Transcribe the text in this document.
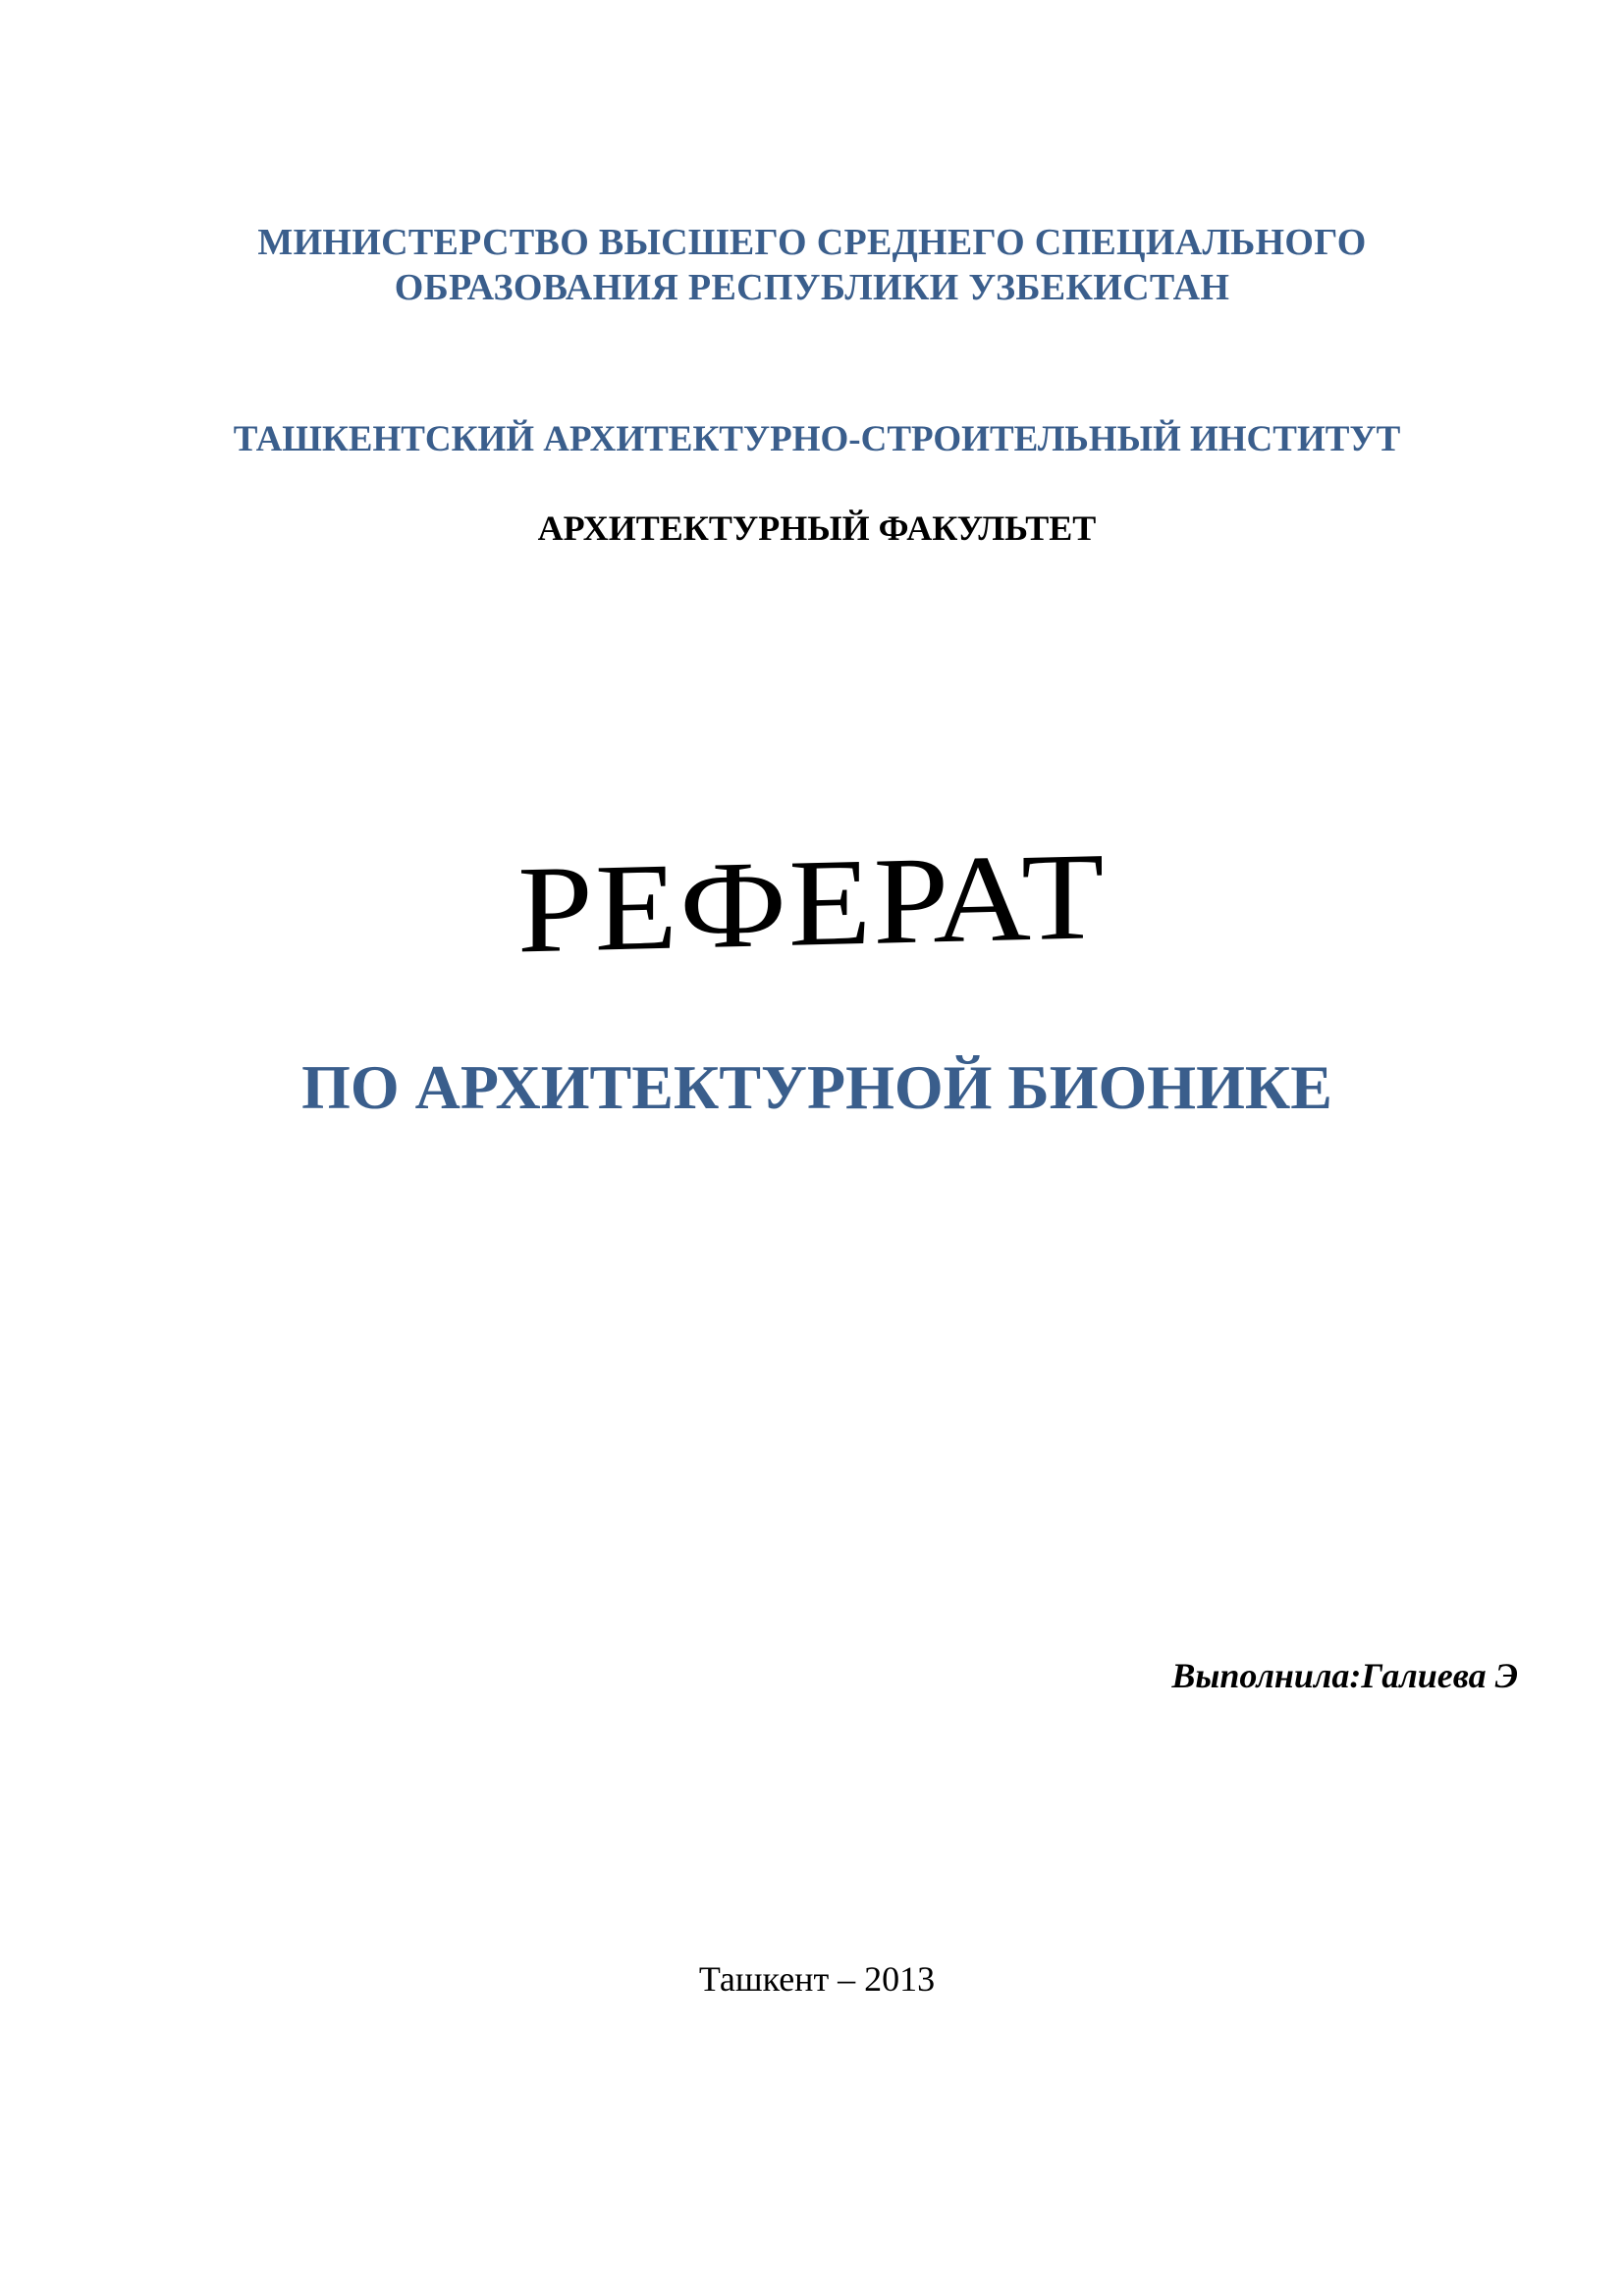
МИНИСТЕРСТВО ВЫСШЕГО СРЕДНЕГО СПЕЦИАЛЬНОГО
ОБРАЗОВАНИЯ РЕСПУБЛИКИ УЗБЕКИСТАН
ТАШКЕНТСКИЙ АРХИТЕКТУРНО-СТРОИТЕЛЬНЫЙ ИНСТИТУТ
АРХИТЕКТУРНЫЙ ФАКУЛЬТЕТ
РЕФЕРАТ
ПО АРХИТЕКТУРНОЙ БИОНИКЕ
Выполнила:Галиева Э
Ташкент – 2013
